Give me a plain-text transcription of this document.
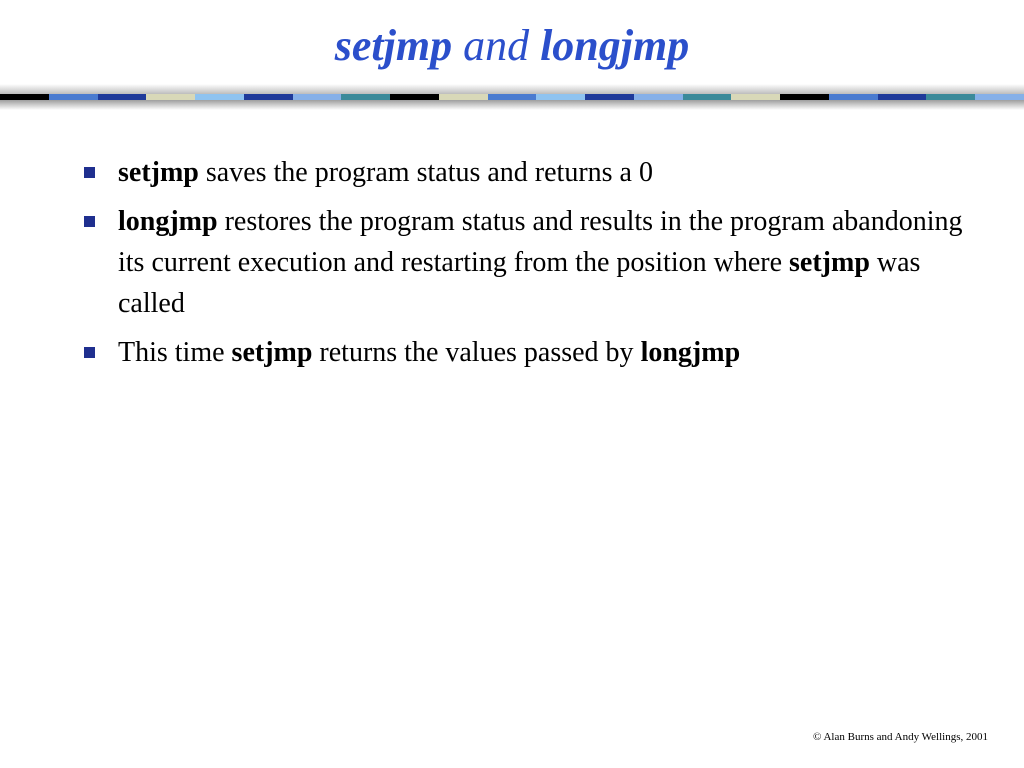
setjmp and longjmp
setjmp saves the program status and returns a 0
longjmp restores the program status and results in the program abandoning its current execution and restarting from the position where setjmp was called
This time setjmp returns the values passed by longjmp
© Alan Burns and Andy Wellings, 2001
